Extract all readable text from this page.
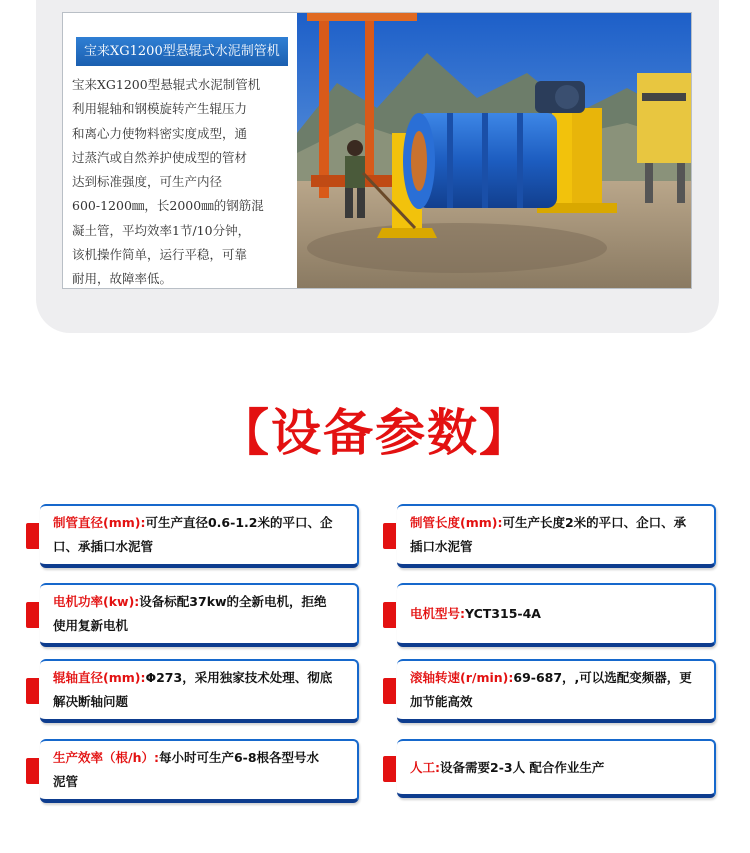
宝来XG1200型悬辊式水泥制管机
宝来XG1200型悬辊式水泥制管机
利用辊轴和钢模旋转产生辊压力
和离心力使物料密实度成型，通
过蒸汽或自然养护使成型的管材
达到标准强度，可生产内径
600-1200㎜，长2000㎜的钢筋混
凝土管，平均效率1节/10分钟，
该机操作简单，运行平稳，可靠
耐用，故障率低。
【设备参数】
制管直径(mm):可生产直径0.6-1.2米的平口、企
口、承插口水泥管
制管长度(mm):可生产长度2米的平口、企口、承
插口水泥管
电机功率(kw):设备标配37kw的全新电机，拒绝
使用复新电机
电机型号:YCT315-4A
辊轴直径(mm):Φ273，采用独家技术处理、彻底
解决断轴问题
滚轴转速(r/min):69-687，,可以选配变频器，更
加节能高效
生产效率（根/h）:每小时可生产6-8根各型号水
泥管
人工:设备需要2-3人 配合作业生产
